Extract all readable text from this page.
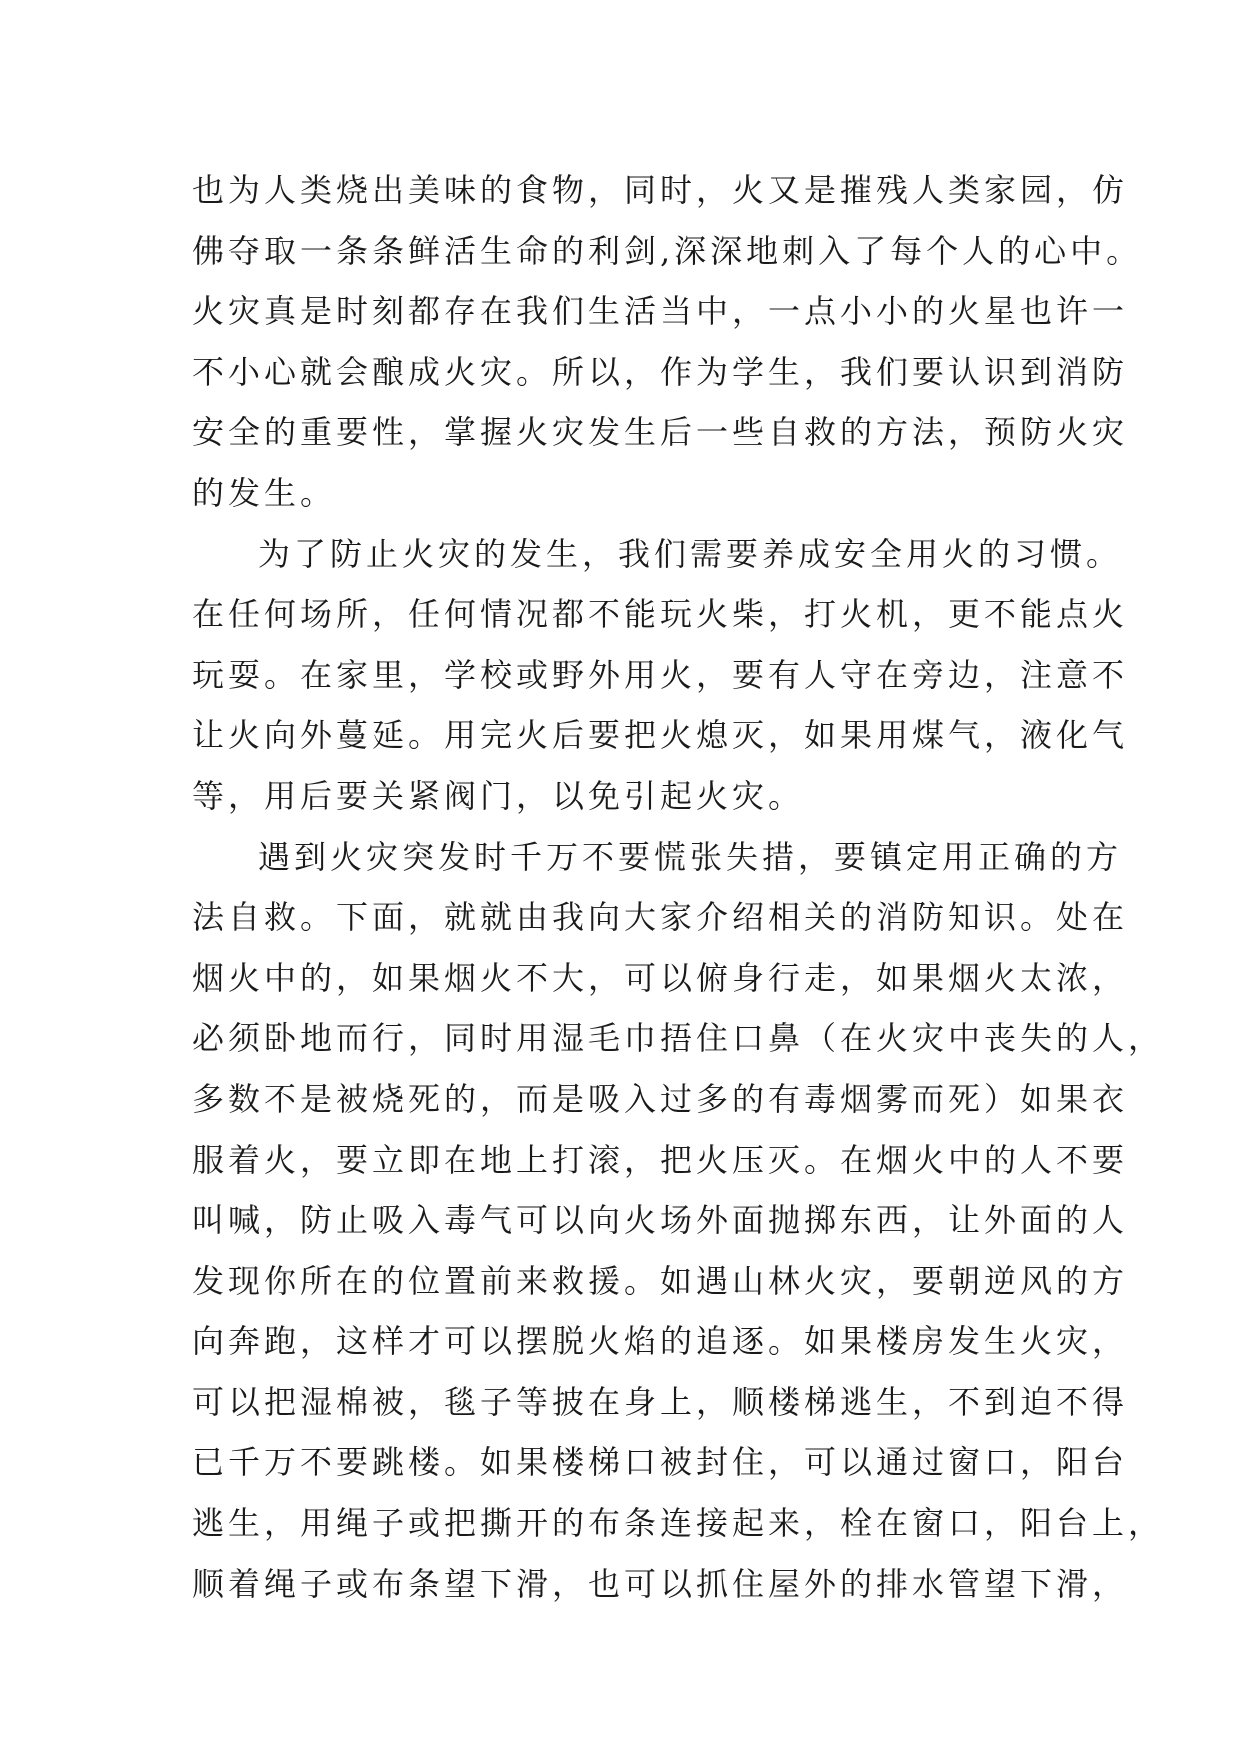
也为人类烧出美味的食物，同时，火又是摧残人类家园，仿
佛夺取一条条鲜活生命的利剑,深深地刺入了每个人的心中。
火灾真是时刻都存在我们生活当中，一点小小的火星也许一
不小心就会酿成火灾。所以，作为学生，我们要认识到消防
安全的重要性，掌握火灾发生后一些自救的方法，预防火灾
的发生。
为了防止火灾的发生，我们需要养成安全用火的习惯。
在任何场所，任何情况都不能玩火柴，打火机，更不能点火
玩耍。在家里，学校或野外用火，要有人守在旁边，注意不
让火向外蔓延。用完火后要把火熄灭，如果用煤气，液化气
等，用后要关紧阀门，以免引起火灾。
遇到火灾突发时千万不要慌张失措，要镇定用正确的方
法自救。下面，就就由我向大家介绍相关的消防知识。处在
烟火中的，如果烟火不大，可以俯身行走，如果烟火太浓，
必须卧地而行，同时用湿毛巾捂住口鼻（在火灾中丧失的人，
多数不是被烧死的，而是吸入过多的有毒烟雾而死）如果衣
服着火，要立即在地上打滚，把火压灭。在烟火中的人不要
叫喊，防止吸入毒气可以向火场外面抛掷东西，让外面的人
发现你所在的位置前来救援。如遇山林火灾，要朝逆风的方
向奔跑，这样才可以摆脱火焰的追逐。如果楼房发生火灾，
可以把湿棉被，毯子等披在身上，顺楼梯逃生，不到迫不得
已千万不要跳楼。如果楼梯口被封住，可以通过窗口，阳台
逃生，用绳子或把撕开的布条连接起来，栓在窗口，阳台上，
顺着绳子或布条望下滑，也可以抓住屋外的排水管望下滑，
